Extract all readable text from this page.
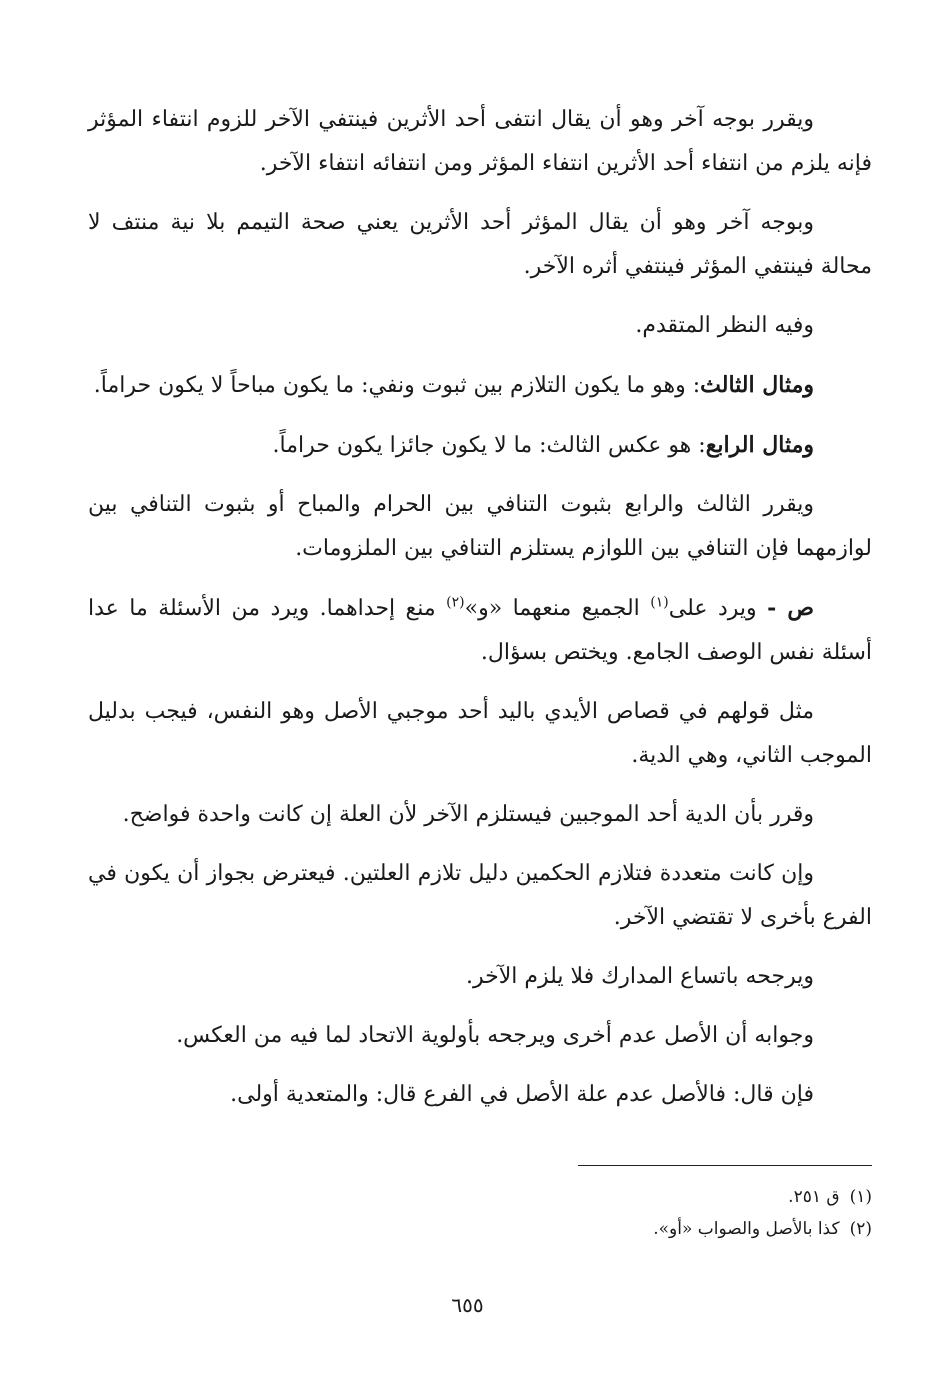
ويقرر بوجه آخر وهو أن يقال انتفى أحد الأثرين فينتفي الآخر للزوم انتفاء المؤثر فإنه يلزم من انتفاء أحد الأثرين انتفاء المؤثر ومن انتفائه انتفاء الآخر.

وبوجه آخر وهو أن يقال المؤثر أحد الأثرين يعني صحة التيمم بلا نية منتف لا محالة فينتفي المؤثر فينتفي أثره الآخر.

وفيه النظر المتقدم.

ومثال الثالث: وهو ما يكون التلازم بين ثبوت ونفي: ما يكون مباحاً لا يكون حراماً.

ومثال الرابع: هو عكس الثالث: ما لا يكون جائزا يكون حراماً.

ويقرر الثالث والرابع بثبوت التنافي بين الحرام والمباح أو بثبوت التنافي بين لوازمهما فإن التنافي بين اللوازم يستلزم التنافي بين الملزومات.

ص - ويرد على$^{(١)}$ الجميع منعهما «و»$^{(٢)}$ منع إحداهما. ويرد من الأسئلة ما عدا أسئلة نفس الوصف الجامع. ويختص بسؤال.

مثل قولهم في قصاص الأيدي باليد أحد موجبي الأصل وهو النفس، فيجب بدليل الموجب الثاني، وهي الدية.

وقرر بأن الدية أحد الموجبين فيستلزم الآخر لأن العلة إن كانت واحدة فواضح.

وإن كانت متعددة فتلازم الحكمين دليل تلازم العلتين. فيعترض بجواز أن يكون في الفرع بأخرى لا تقتضي الآخر.

ويرجحه باتساع المدارك فلا يلزم الآخر.

وجوابه أن الأصل عدم أخرى ويرجحه بأولوية الاتحاد لما فيه من العكس.

فإن قال: فالأصل عدم علة الأصل في الفرع قال: والمتعدية أولى.

(١)ق ٢٥١.

(٢)كذا بالأصل والصواب «أو».

٦٥٥
